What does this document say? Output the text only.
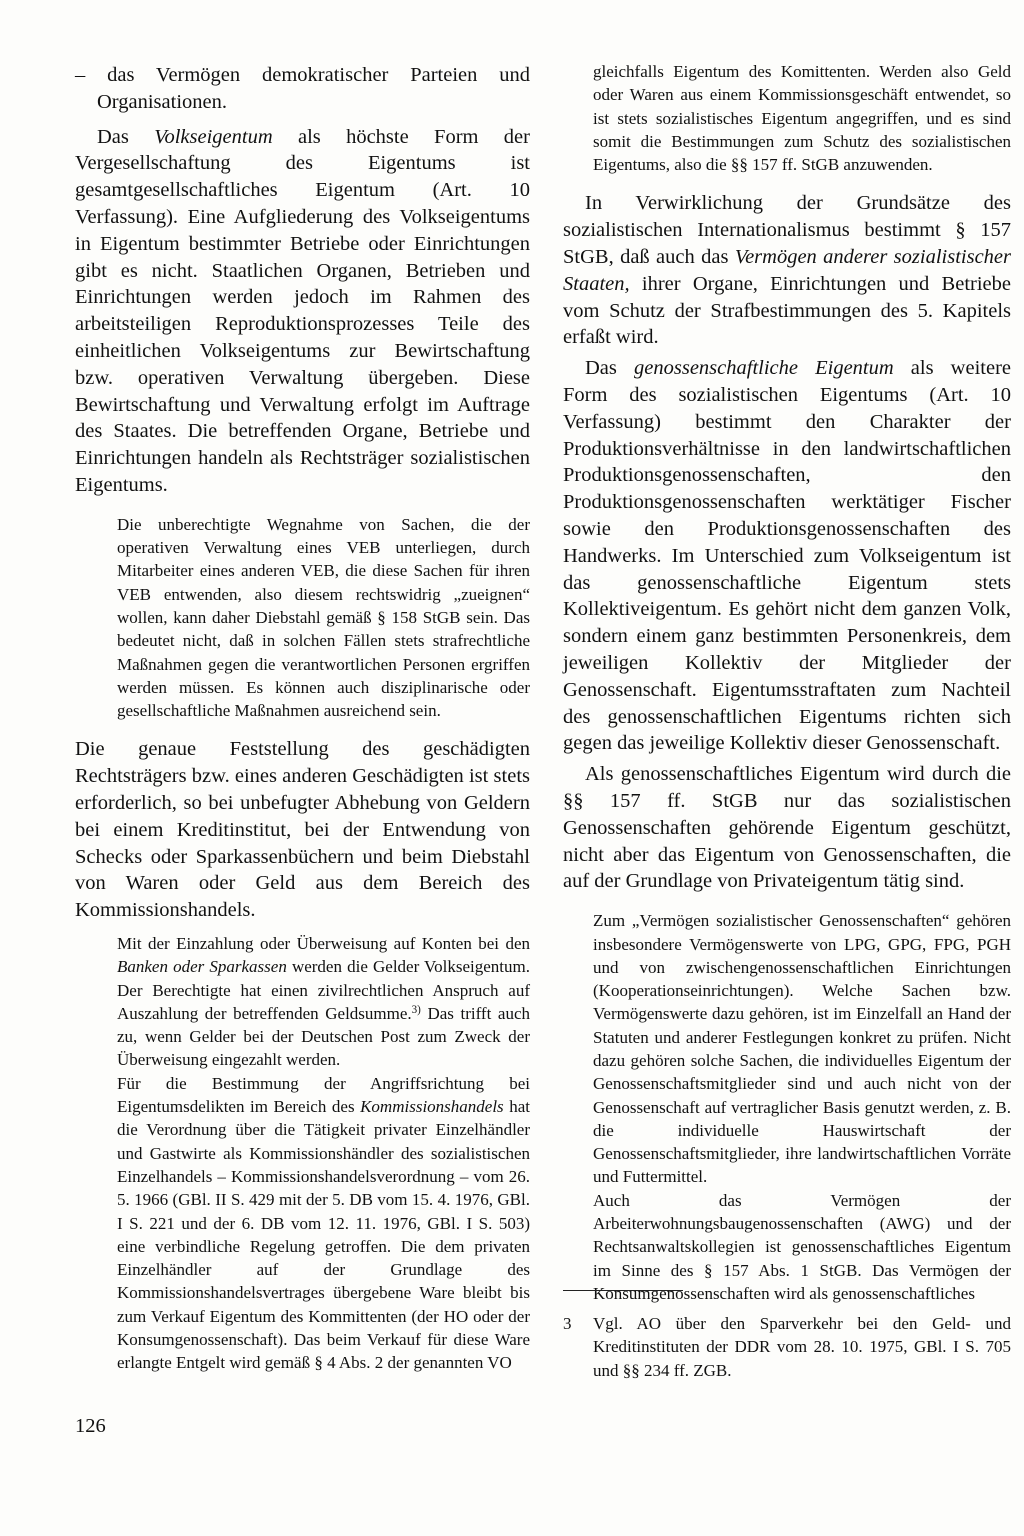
– das Vermögen demokratischer Parteien und Organisationen.

Das Volkseigentum als höchste Form der Vergesellschaftung des Eigentums ist gesamtgesellschaftliches Eigentum (Art. 10 Verfassung). Eine Aufgliederung des Volkseigentums in Eigentum bestimmter Betriebe oder Einrichtungen gibt es nicht. Staatlichen Organen, Betrieben und Einrichtungen werden jedoch im Rahmen des arbeitsteiligen Reproduktionsprozesses Teile des einheitlichen Volkseigentums zur Bewirtschaftung bzw. operativen Verwaltung übergeben. Diese Bewirtschaftung und Verwaltung erfolgt im Auftrage des Staates. Die betreffenden Organe, Betriebe und Einrichtungen handeln als Rechtsträger sozialistischen Eigentums.

Die unberechtigte Wegnahme von Sachen, die der operativen Verwaltung eines VEB unterliegen, durch Mitarbeiter eines anderen VEB, die diese Sachen für ihren VEB entwenden, also diesem rechtswidrig „zueignen“ wollen, kann daher Diebstahl gemäß § 158 StGB sein. Das bedeutet nicht, daß in solchen Fällen stets strafrechtliche Maßnahmen gegen die verantwortlichen Personen ergriffen werden müssen. Es können auch disziplinarische oder gesellschaftliche Maßnahmen ausreichend sein.

Die genaue Feststellung des geschädigten Rechtsträgers bzw. eines anderen Geschädigten ist stets erforderlich, so bei unbefugter Abhebung von Geldern bei einem Kreditinstitut, bei der Entwendung von Schecks oder Sparkassenbüchern und beim Diebstahl von Waren oder Geld aus dem Bereich des Kommissionshandels.

Mit der Einzahlung oder Überweisung auf Konten bei den Banken oder Sparkassen werden die Gelder Volkseigentum. Der Berechtigte hat einen zivilrechtlichen Anspruch auf Auszahlung der betreffenden Geldsumme.$^{3)}$ Das trifft auch zu, wenn Gelder bei der Deutschen Post zum Zweck der Überweisung eingezahlt werden.

Für die Bestimmung der Angriffsrichtung bei Eigentumsdelikten im Bereich des Kommissionshandels hat die Verordnung über die Tätigkeit privater Einzelhändler und Gastwirte als Kommissionshändler des sozialistischen Einzelhandels – Kommissionshandelsverordnung – vom 26. 5. 1966 (GBl. II S. 429 mit der 5. DB vom 15. 4. 1976, GBl. I S. 221 und der 6. DB vom 12. 11. 1976, GBl. I S. 503) eine verbindliche Regelung getroffen. Die dem privaten Einzelhändler auf der Grundlage des Kommissionshandelsvertrages übergebene Ware bleibt bis zum Verkauf Eigentum des Kommittenten (der HO oder der Konsumgenossenschaft). Das beim Verkauf für diese Ware erlangte Entgelt wird gemäß § 4 Abs. 2 der genannten VO

gleichfalls Eigentum des Komittenten. Werden also Geld oder Waren aus einem Kommissionsgeschäft entwendet, so ist stets sozialistisches Eigentum angegriffen, und es sind somit die Bestimmungen zum Schutz des sozialistischen Eigentums, also die §§ 157 ff. StGB anzuwenden.

In Verwirklichung der Grundsätze des sozialistischen Internationalismus bestimmt § 157 StGB, daß auch das Vermögen anderer sozialistischer Staaten, ihrer Organe, Einrichtungen und Betriebe vom Schutz der Strafbestimmungen des 5. Kapitels erfaßt wird.

Das genossenschaftliche Eigentum als weitere Form des sozialistischen Eigentums (Art. 10 Verfassung) bestimmt den Charakter der Produktionsverhältnisse in den landwirtschaftlichen Produktionsgenossenschaften, den Produktionsgenossenschaften werktätiger Fischer sowie den Produktionsgenossenschaften des Handwerks. Im Unterschied zum Volkseigentum ist das genossenschaftliche Eigentum stets Kollektiveigentum. Es gehört nicht dem ganzen Volk, sondern einem ganz bestimmten Personenkreis, dem jeweiligen Kollektiv der Mitglieder der Genossenschaft. Eigentumsstraftaten zum Nachteil des genossenschaftlichen Eigentums richten sich gegen das jeweilige Kollektiv dieser Genossenschaft.

Als genossenschaftliches Eigentum wird durch die §§ 157 ff. StGB nur das sozialistischen Genossenschaften gehörende Eigentum geschützt, nicht aber das Eigentum von Genossenschaften, die auf der Grundlage von Privateigentum tätig sind.

Zum „Vermögen sozialistischer Genossenschaften“ gehören insbesondere Vermögenswerte von LPG, GPG, FPG, PGH und von zwischengenossenschaftlichen Einrichtungen (Kooperationseinrichtungen). Welche Sachen bzw. Vermögenswerte dazu gehören, ist im Einzelfall an Hand der Statuten und anderer Festlegungen konkret zu prüfen. Nicht dazu gehören solche Sachen, die individuelles Eigentum der Genossenschaftsmitglieder sind und auch nicht von der Genossenschaft auf vertraglicher Basis genutzt werden, z. B. die individuelle Hauswirtschaft der Genossenschaftsmitglieder, ihre landwirtschaftlichen Vorräte und Futtermittel.

Auch das Vermögen der Arbeiterwohnungsbaugenossenschaften (AWG) und der Rechtsanwaltskollegien ist genossenschaftliches Eigentum im Sinne des § 157 Abs. 1 StGB. Das Vermögen der Konsumgenossenschaften wird als genossenschaftliches

3 Vgl. AO über den Sparverkehr bei den Geld- und Kreditinstituten der DDR vom 28. 10. 1975, GBl. I S. 705 und §§ 234 ff. ZGB.
126
